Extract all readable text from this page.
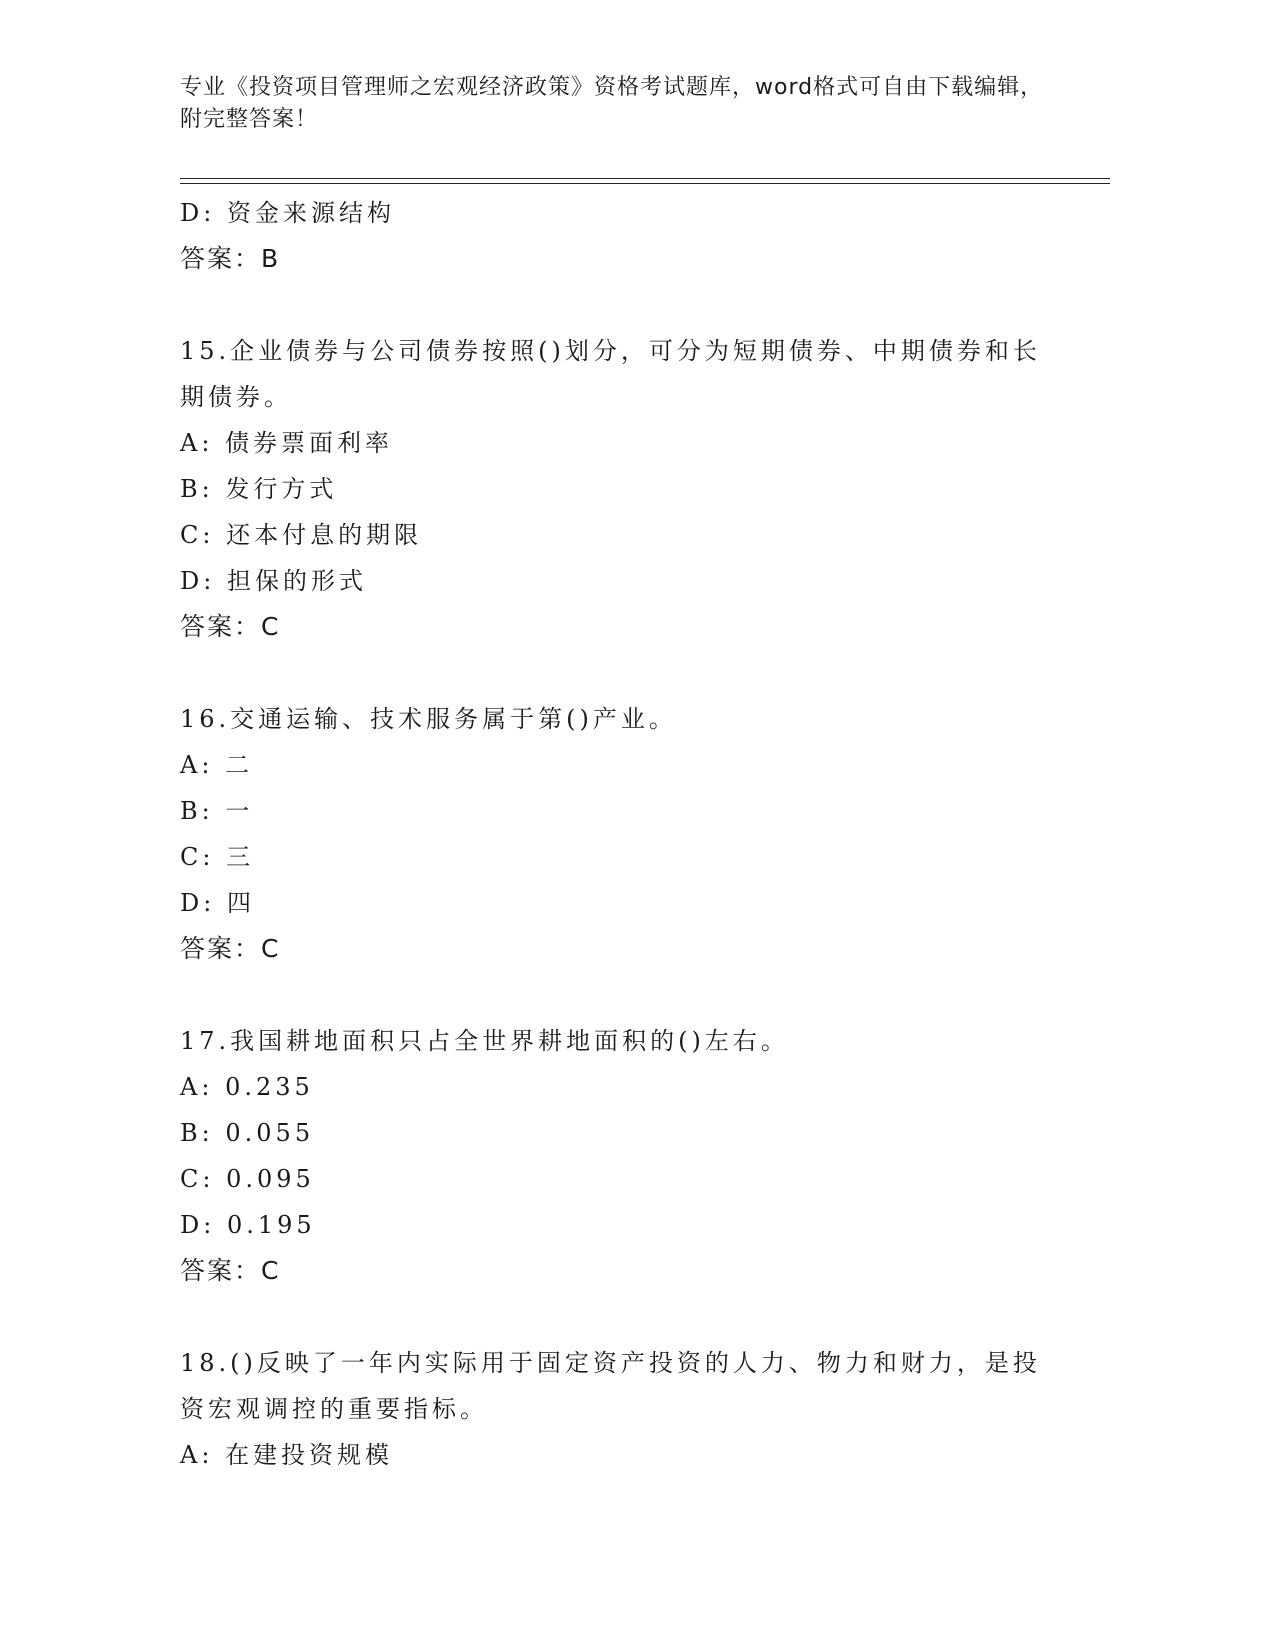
专业《投资项目管理师之宏观经济政策》资格考试题库，word格式可自由下载编辑，附完整答案！
D: 资金来源结构
答案：B
15.企业债券与公司债券按照()划分，可分为短期债券、中期债券和长期债券。
A: 债券票面利率
B: 发行方式
C: 还本付息的期限
D: 担保的形式
答案：C
16.交通运输、技术服务属于第()产业。
A: 二
B: 一
C: 三
D: 四
答案：C
17.我国耕地面积只占全世界耕地面积的()左右。
A: 0.235
B: 0.055
C: 0.095
D: 0.195
答案：C
18.()反映了一年内实际用于固定资产投资的人力、物力和财力，是投资宏观调控的重要指标。
A: 在建投资规模
